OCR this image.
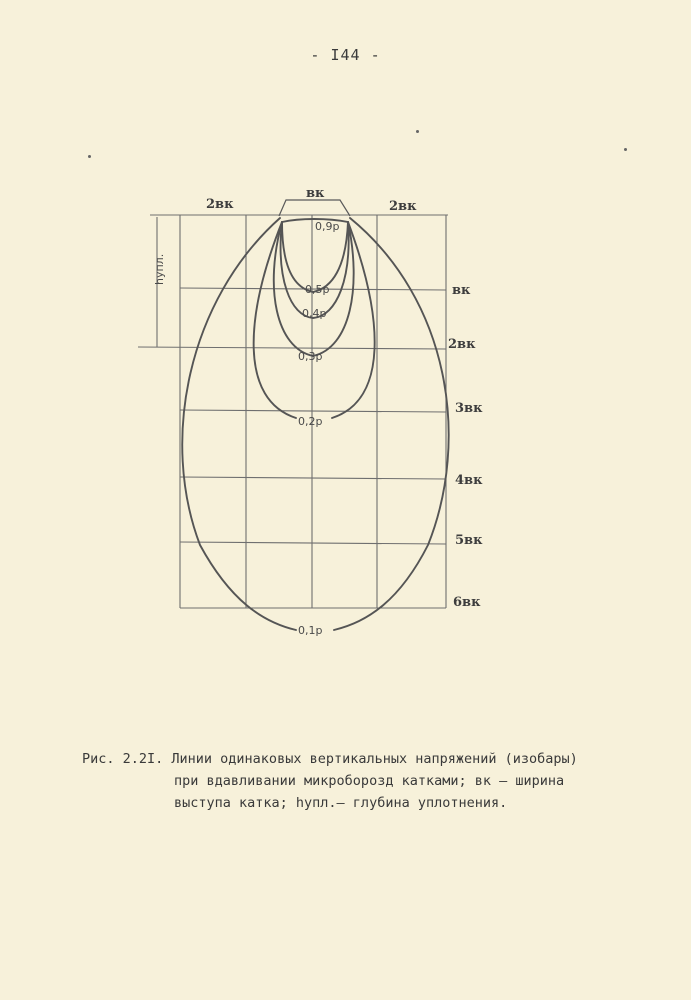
- I44 -
вк
2вк	2вк
hупл.
вк
2вк
3вк
4вк
5вк
6вк
0,9p
0,5p
0,4p
0,3p
0,2p
0,1p
Рис. 2.2I. Линии одинаковых вертикальных напряжений (изобары)
при вдавливании микроборозд катками; вк – ширина
выступа катка; hупл.– глубина уплотнения.
